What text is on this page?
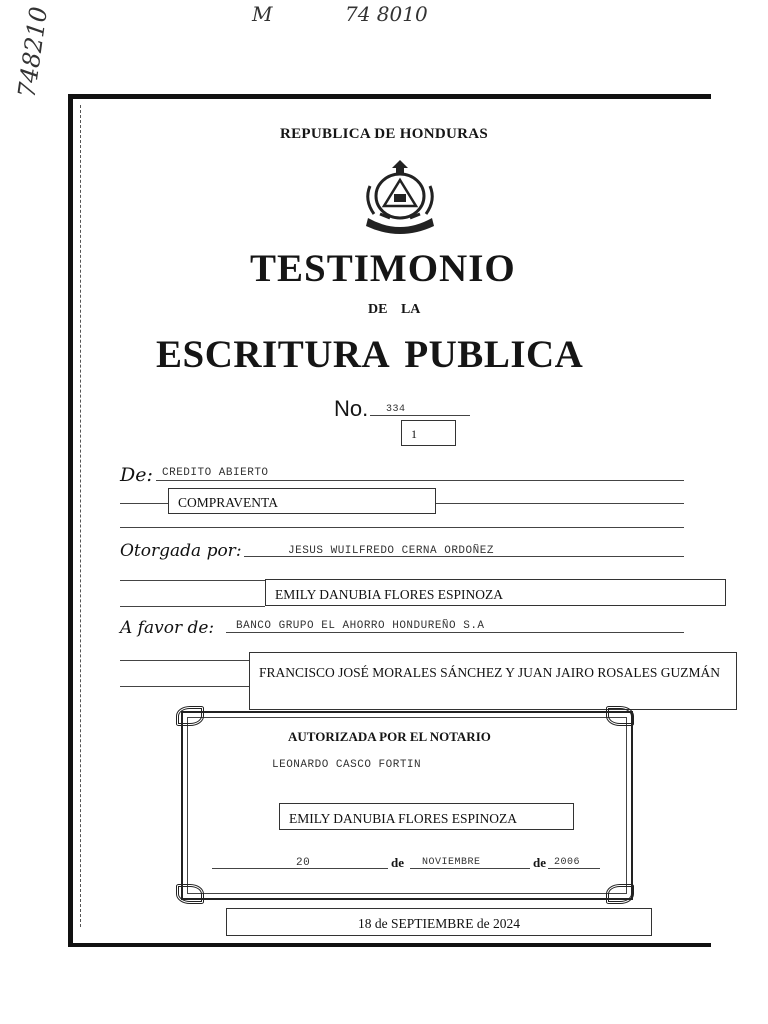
M	74 8010
748210
REPUBLICA DE HONDURAS
TESTIMONIO
DE LA
ESCRITURA PUBLICA
No. 334
1
De: CREDITO ABIERTO
COMPRAVENTA
Otorgada por:	JESUS WUILFREDO CERNA ORDOÑEZ
EMILY DANUBIA FLORES ESPINOZA
A favor de: BANCO GRUPO EL AHORRO HONDUREÑO S.A
FRANCISCO JOSÉ MORALES SÁNCHEZ Y JUAN JAIRO ROSALES GUZMÁN
AUTORIZADA POR EL NOTARIO
LEONARDO CASCO FORTIN
EMILY DANUBIA FLORES ESPINOZA
20	de NOVIEMBRE	de 2006
18 de SEPTIEMBRE de 2024
